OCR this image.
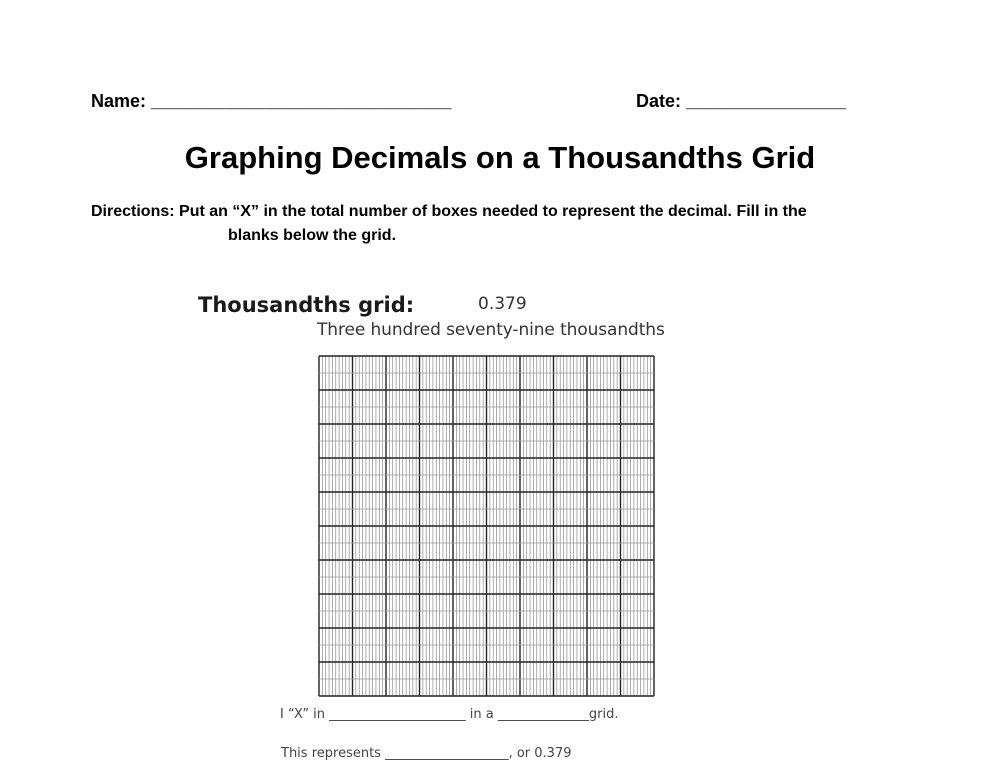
Name: ______________________________	Date: ________________
Graphing Decimals on a Thousandths Grid
Directions: Put an “X” in the total number of boxes needed to represent the decimal. Fill in the
blanks below the grid.
Thousandths grid:	0.379
Three hundred seventy-nine thousandths
I “X” in _____________________ in a ______________grid.
This represents ___________________, or 0.379
